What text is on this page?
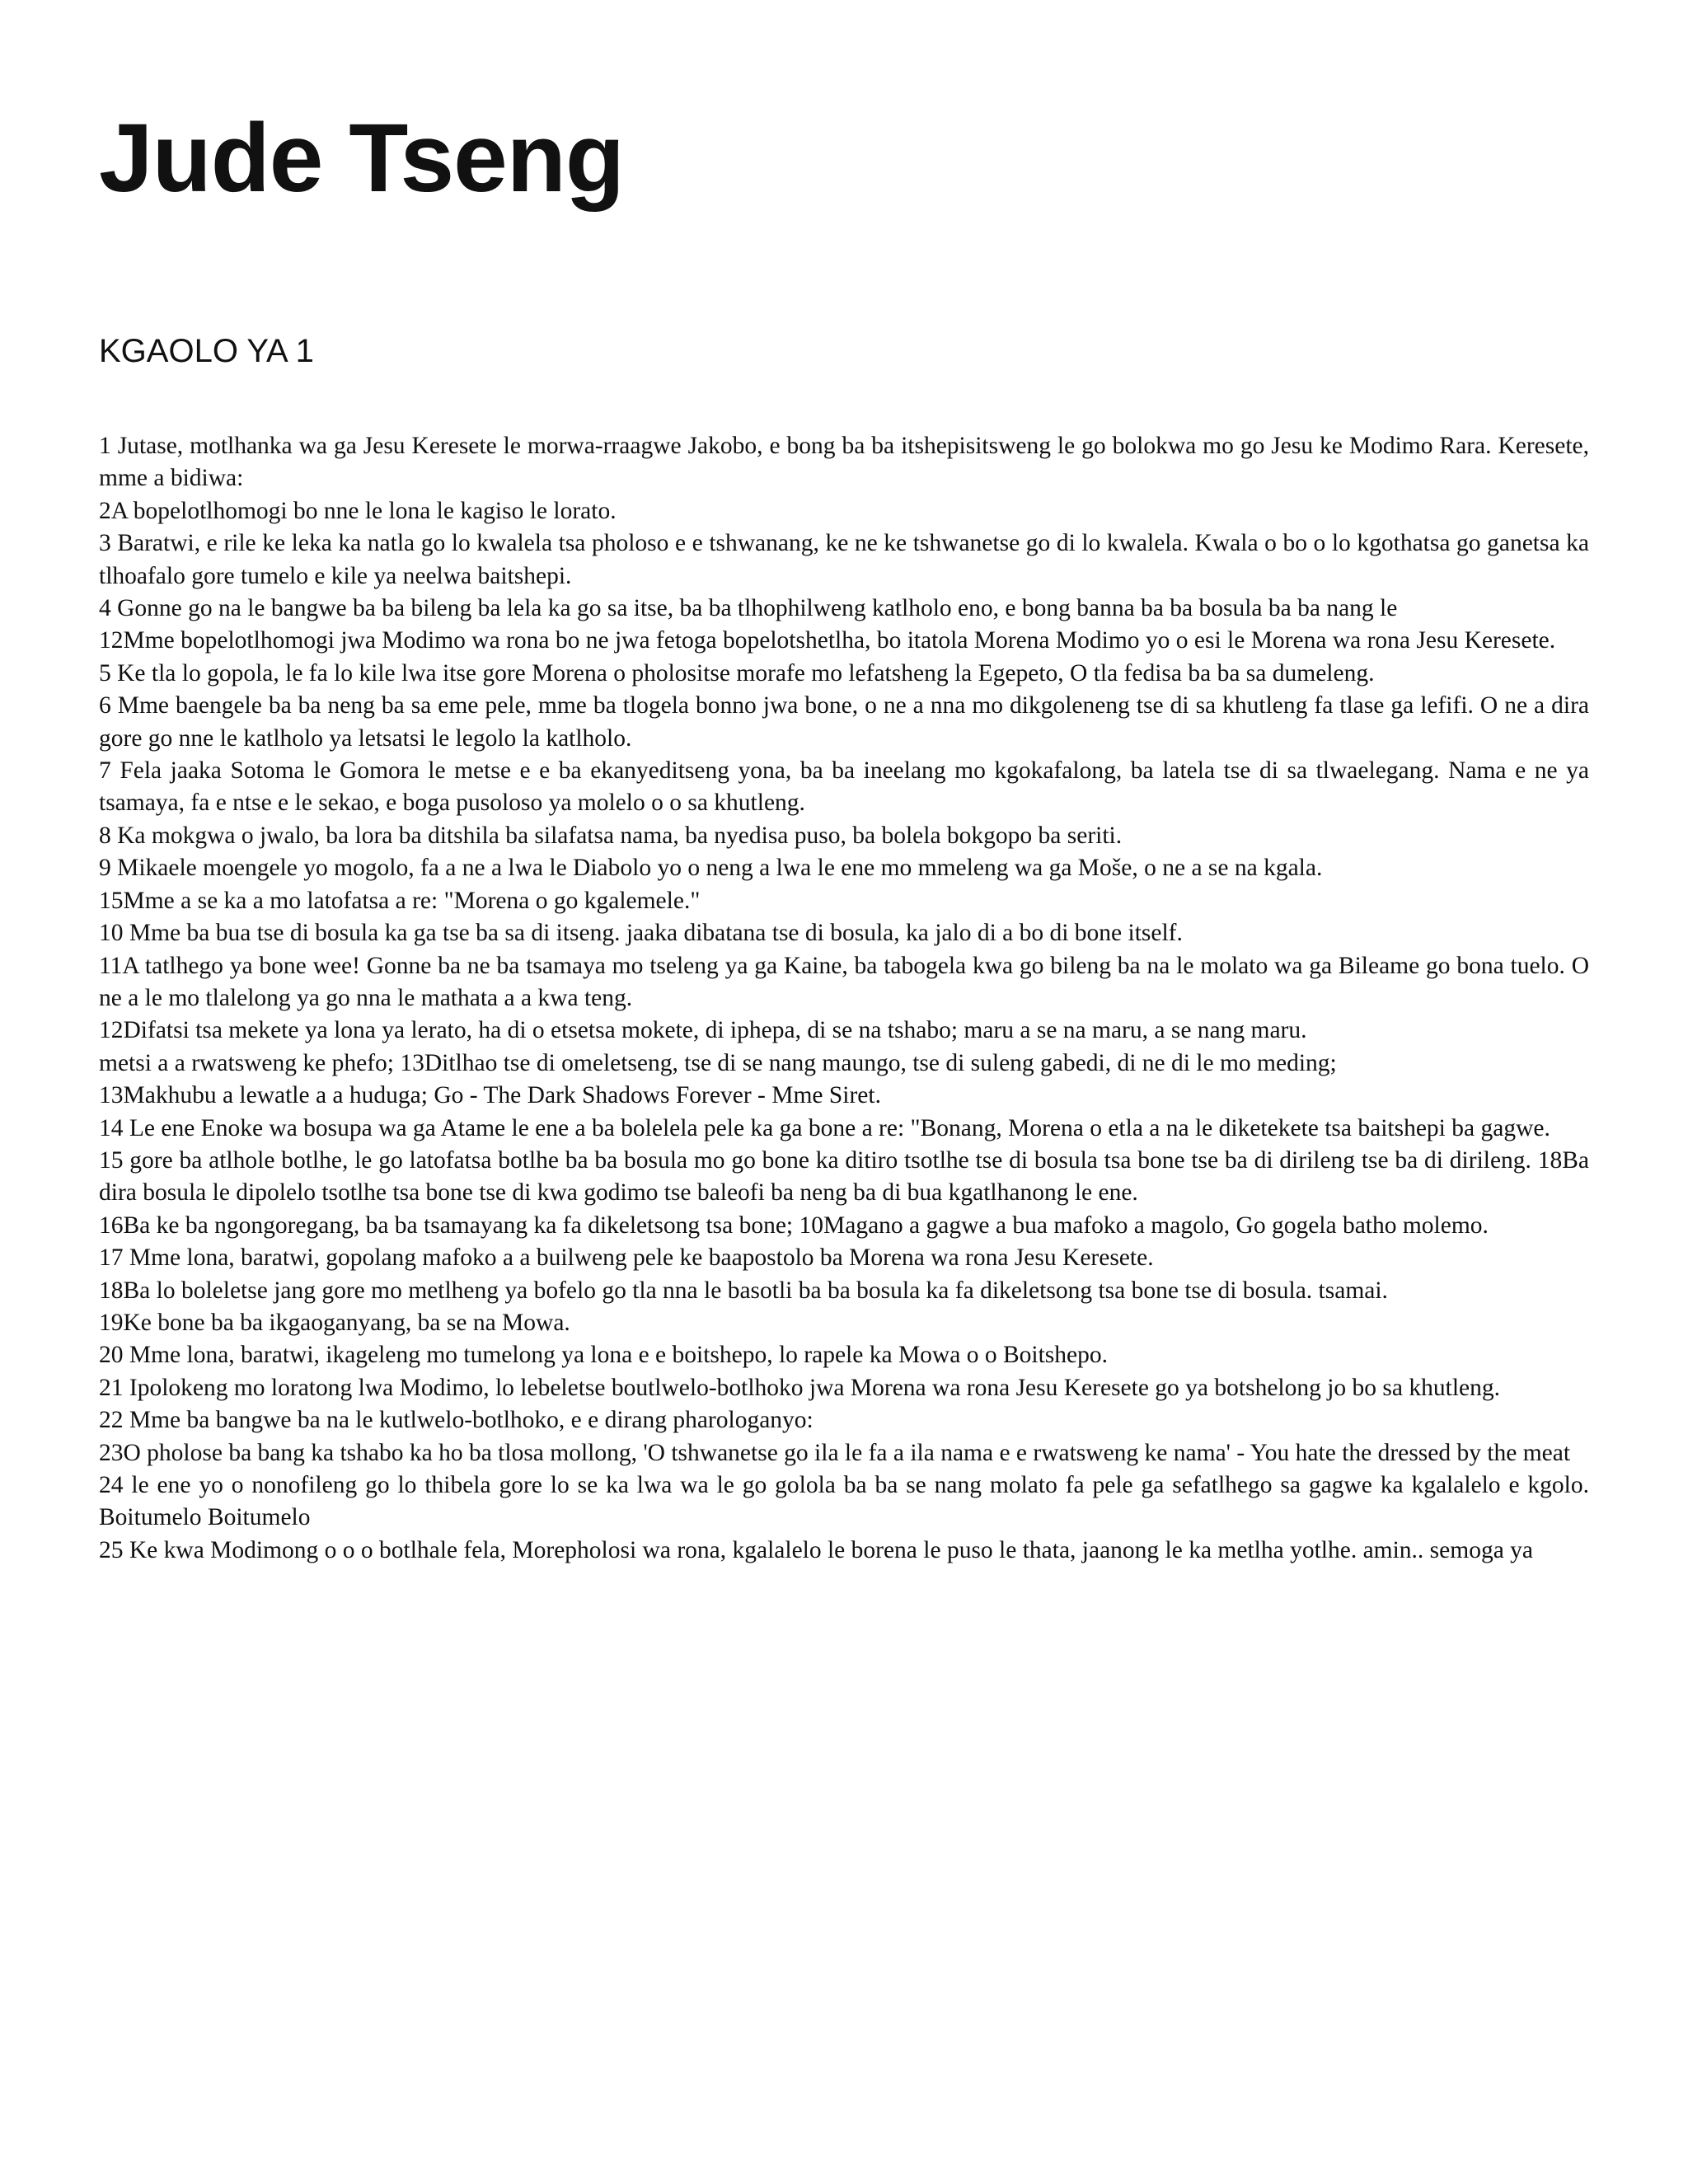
Jude Tseng
KGAOLO YA 1

1 Jutase, motlhanka wa ga Jesu Keresete le morwa-rraagwe Jakobo, e bong ba ba itshepisitsweng le go bolokwa mo go Jesu ke Modimo Rara. Keresete, mme a bidiwa:

2A bopelotlhomogi bo nne le lona le kagiso le lorato.

3 Baratwi, e rile ke leka ka natla go lo kwalela tsa pholoso e e tshwanang, ke ne ke tshwanetse go di lo kwalela. Kwala o bo o lo kgothatsa go ganetsa ka tlhoafalo gore tumelo e kile ya neelwa baitshepi.

4 Gonne go na le bangwe ba ba bileng ba lela ka go sa itse, ba ba tlhophilweng katlholo eno, e bong banna ba ba bosula ba ba nang le

12Mme bopelotlhomogi jwa Modimo wa rona bo ne jwa fetoga bopelotshetlha, bo itatola Morena Modimo yo o esi le Morena wa rona Jesu Keresete.

5 Ke tla lo gopola, le fa lo kile lwa itse gore Morena o pholositse morafe mo lefatsheng la Egepeto, O tla fedisa ba ba sa dumeleng.

6 Mme baengele ba ba neng ba sa eme pele, mme ba tlogela bonno jwa bone, o ne a nna mo dikgoleneng tse di sa khutleng fa tlase ga lefifi. O ne a dira gore go nne le katlholo ya letsatsi le legolo la katlholo.

7 Fela jaaka Sotoma le Gomora le metse e e ba ekanyeditseng yona, ba ba ineelang mo kgokafalong, ba latela tse di sa tlwaelegang. Nama e ne ya tsamaya, fa e ntse e le sekao, e boga pusoloso ya molelo o o sa khutleng.

8 Ka mokgwa o jwalo, ba lora ba ditshila ba silafatsa nama, ba nyedisa puso, ba bolela bokgopo ba seriti.

9 Mikaele moengele yo mogolo, fa a ne a lwa le Diabolo yo o neng a lwa le ene mo mmeleng wa ga Moše, o ne a se na kgala.

15Mme a se ka a mo latofatsa a re: "Morena o go kgalemele."

10 Mme ba bua tse di bosula ka ga tse ba sa di itseng. jaaka dibatana tse di bosula, ka jalo di a bo di bone itself.

11A tatlhego ya bone wee! Gonne ba ne ba tsamaya mo tseleng ya ga Kaine, ba tabogela kwa go bileng ba na le molato wa ga Bileame go bona tuelo. O ne a le mo tlalelong ya go nna le mathata a a kwa teng.

12Difatsi tsa mekete ya lona ya lerato, ha di o etsetsa mokete, di iphepa, di se na tshabo; maru a se na maru, a se nang maru.

metsi a a rwatsweng ke phefo; 13Ditlhao tse di omeletseng, tse di se nang maungo, tse di suleng gabedi, di ne di le mo meding;

13Makhubu a lewatle a a huduga; Go - The Dark Shadows Forever - Mme Siret.

14 Le ene Enoke wa bosupa wa ga Atame le ene a ba bolelela pele ka ga bone a re: "Bonang, Morena o etla a na le diketekete tsa baitshepi ba gagwe.

15 gore ba atlhole botlhe, le go latofatsa botlhe ba ba bosula mo go bone ka ditiro tsotlhe tse di bosula tsa bone tse ba di dirileng tse ba di dirileng. 18Ba dira bosula le dipolelo tsotlhe tsa bone tse di kwa godimo tse baleofi ba neng ba di bua kgatlhanong le ene.

16Ba ke ba ngongoregang, ba ba tsamayang ka fa dikeletsong tsa bone; 10Magano a gagwe a bua mafoko a magolo, Go gogela batho molemo.

17 Mme lona, baratwi, gopolang mafoko a a builweng pele ke baapostolo ba Morena wa rona Jesu Keresete.

18Ba lo boleletse jang gore mo metlheng ya bofelo go tla nna le basotli ba ba bosula ka fa dikeletsong tsa bone tse di bosula. tsamai.

19Ke bone ba ba ikgaoganyang, ba se na Mowa.

20 Mme lona, baratwi, ikageleng mo tumelong ya lona e e boitshepo, lo rapele ka Mowa o o Boitshepo.

21 Ipolokeng mo loratong lwa Modimo, lo lebeletse boutlwelo-botlhoko jwa Morena wa rona Jesu Keresete go ya botshelong jo bo sa khutleng.

22 Mme ba bangwe ba na le kutlwelo-botlhoko, e e dirang pharologanyo:

23O pholose ba bang ka tshabo ka ho ba tlosa mollong, 'O tshwanetse go ila le fa a ila nama e e rwatsweng ke nama' - You hate the dressed by the meat

24 le ene yo o nonofileng go lo thibela gore lo se ka lwa wa le go golola ba ba se nang molato fa pele ga sefatlhego sa gagwe ka kgalalelo e kgolo. Boitumelo Boitumelo

25 Ke kwa Modimong o o o botlhale fela, Morepholosi wa rona, kgalalelo le borena le puso le thata, jaanong le ka metlha yotlhe. amin.. semoga ya
